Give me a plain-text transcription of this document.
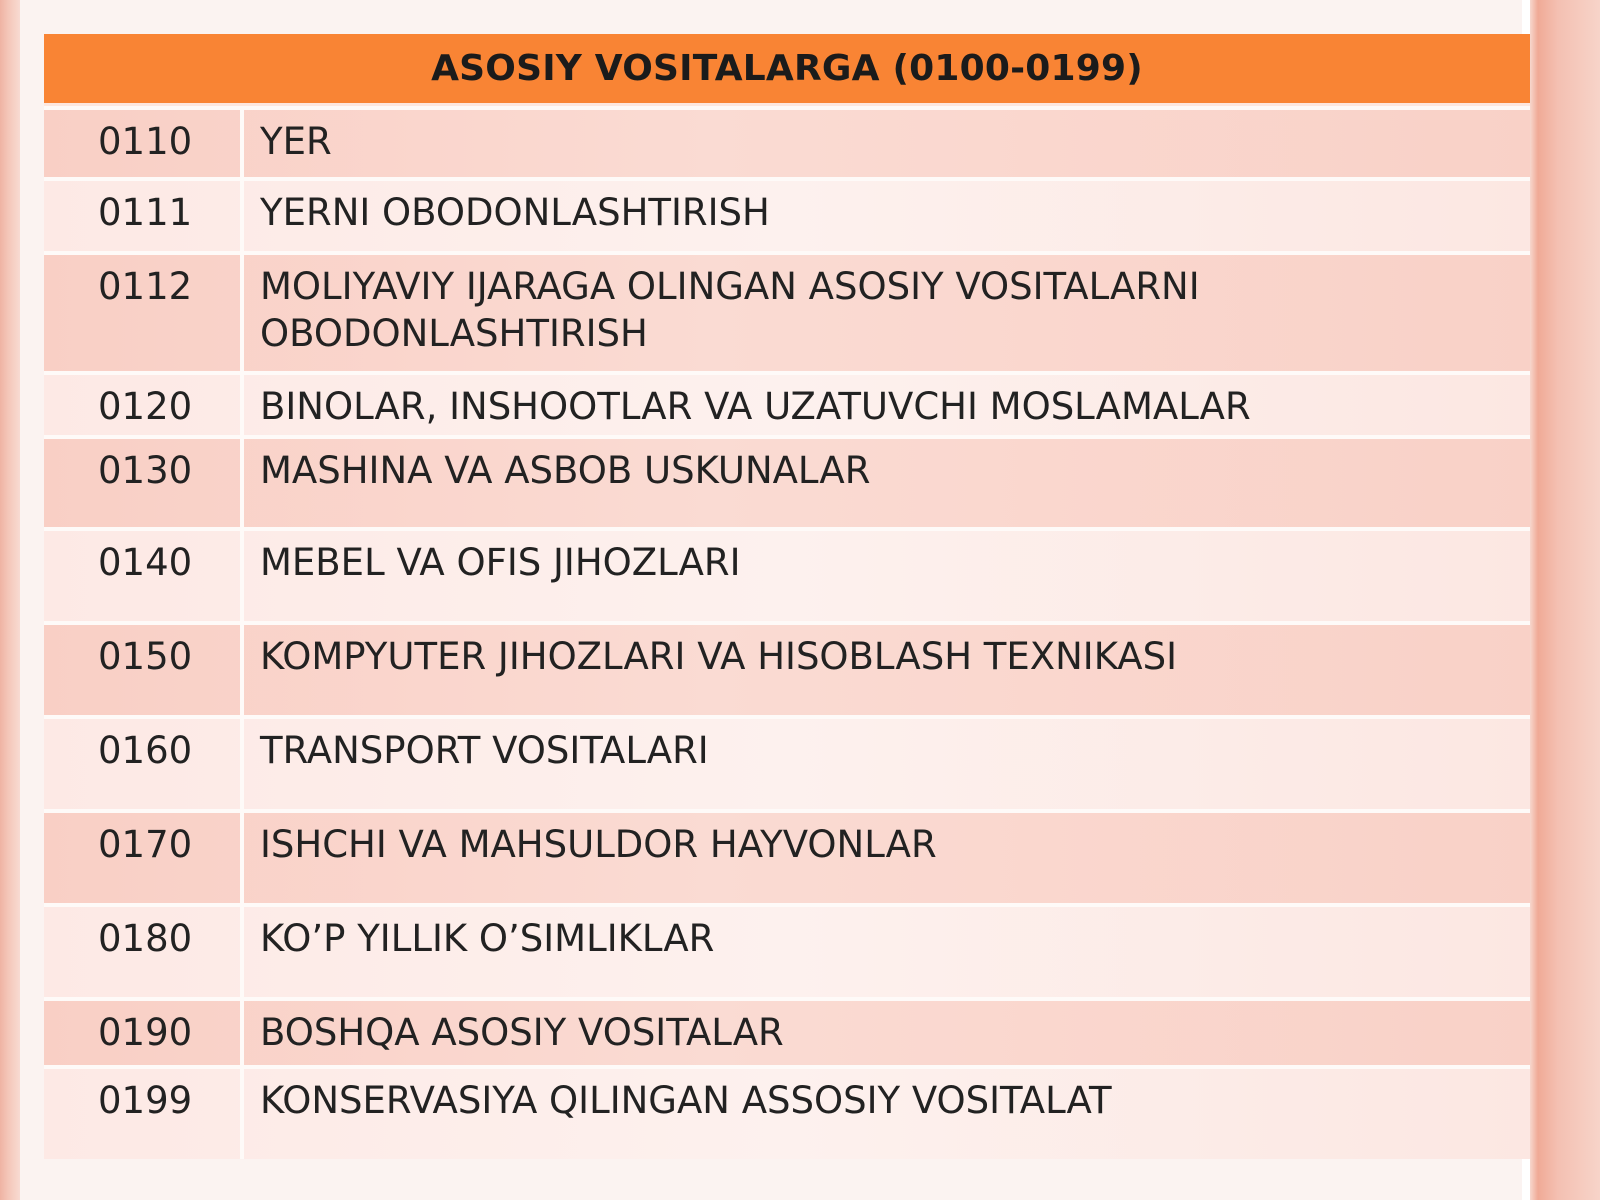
ASOSIY VOSITALARGA (0100-0199)
0110	YER
0111	YERNI OBODONLASHTIRISH
0112	MOLIYAVIY IJARAGA OLINGAN ASOSIY VOSITALARNI
OBODONLASHTIRISH
0120	BINOLAR, INSHOOTLAR VA UZATUVCHI MOSLAMALAR
0130	MASHINA VA ASBOB USKUNALAR
0140	MEBEL VA OFIS JIHOZLARI
0150	KOMPYUTER JIHOZLARI VA HISOBLASH TEXNIKASI
0160	TRANSPORT VOSITALARI
0170	ISHCHI VA MAHSULDOR HAYVONLAR
0180	KO’P YILLIK O’SIMLIKLAR
0190	BOSHQA ASOSIY VOSITALAR
0199	KONSERVASIYA QILINGAN ASSOSIY VOSITALAT
